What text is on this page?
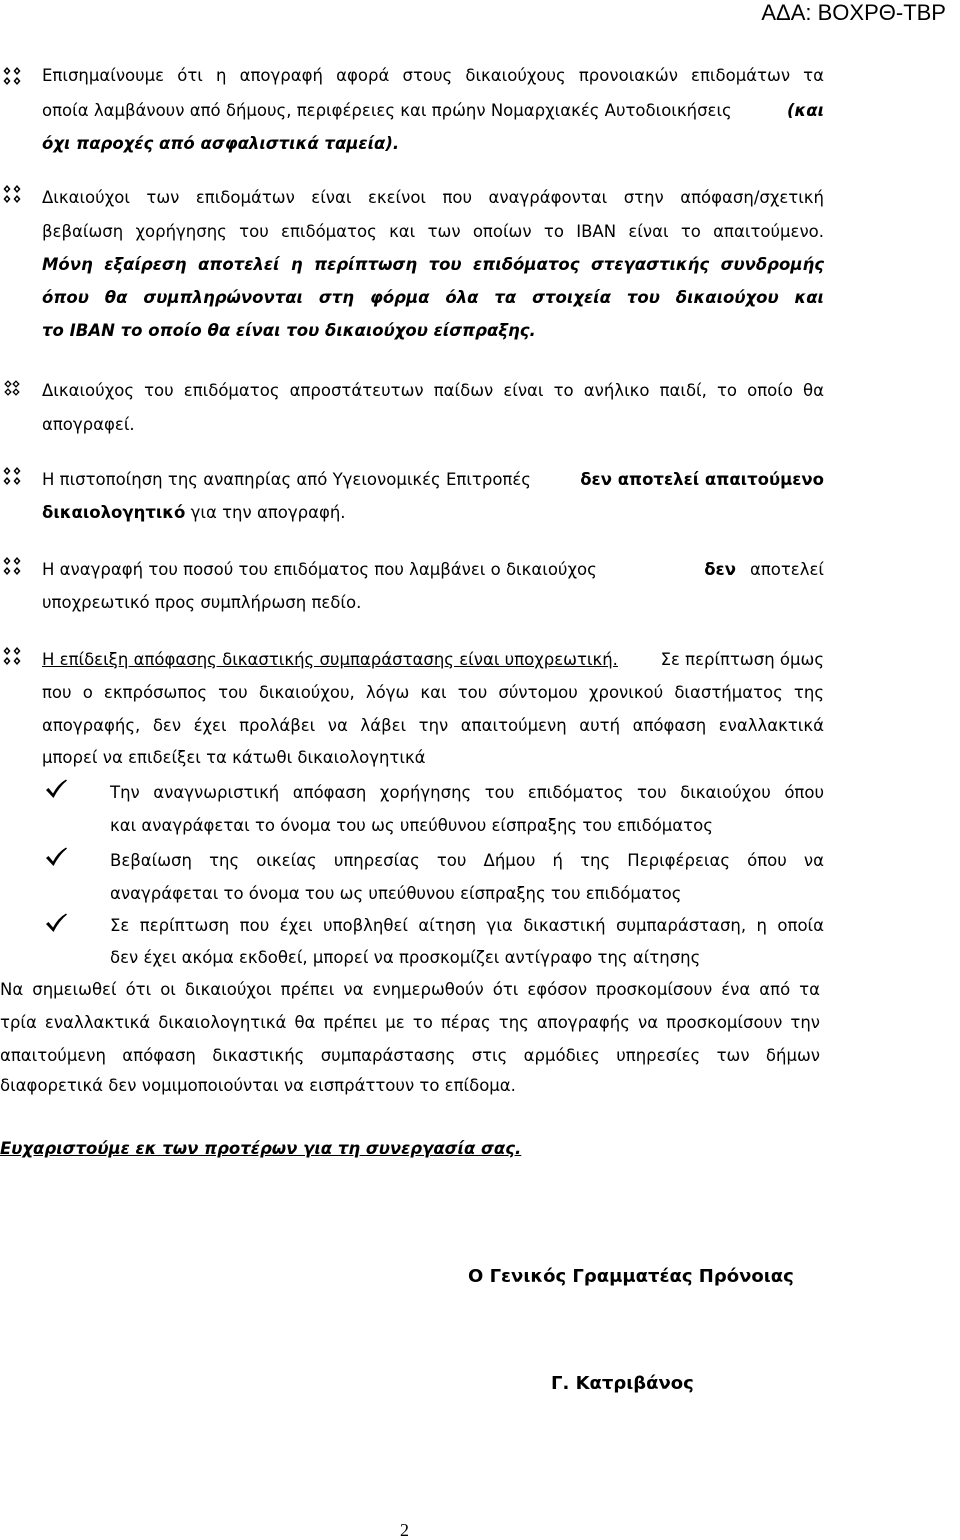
ΑΔΑ: ΒΟΧΡΘ-ΤΒΡ
Επισημαίνουμε ότι η απογραφή αφορά στους δικαιούχους προνοιακών επιδομάτων τα
οποία λαμβάνουν από δήμους, περιφέρειες και πρώην Νομαρχιακές Αυτοδιοικήσεις	(και
όχι παροχές από ασφαλιστικά ταμεία).
Δικαιούχοι των επιδομάτων είναι εκείνοι που αναγράφονται στην απόφαση/σχετική
βεβαίωση χορήγησης του επιδόματος και των οποίων το IBAN είναι το απαιτούμενο.
Μόνη εξαίρεση αποτελεί η περίπτωση του επιδόματος στεγαστικής συνδρομής
όπου θα συμπληρώνονται στη φόρμα όλα τα στοιχεία του δικαιούχου και
το IBAN το οποίο θα είναι του δικαιούχου είσπραξης.
Δικαιούχος του επιδόματος απροστάτευτων παίδων είναι το ανήλικο παιδί, το οποίο θα
απογραφεί.
Η πιστοποίηση της αναπηρίας από Υγειονομικές Επιτροπές	δεν αποτελεί απαιτούμενο
δικαιολογητικό για την απογραφή.
Η αναγραφή του ποσού του επιδόματος που λαμβάνει ο δικαιούχος	δεν αποτελεί
υποχρεωτικό προς συμπλήρωση πεδίο.
Η επίδειξη απόφασης δικαστικής συμπαράστασης είναι υποχρεωτική.	Σε περίπτωση όμως
που ο εκπρόσωπος του δικαιούχου, λόγω και του σύντομου χρονικού διαστήματος της
απογραφής, δεν έχει προλάβει να λάβει την απαιτούμενη αυτή απόφαση εναλλακτικά
μπορεί να επιδείξει τα κάτωθι δικαιολογητικά
Την αναγνωριστική απόφαση χορήγησης του επιδόματος του δικαιούχου όπου
και αναγράφεται το όνομα του ως υπεύθυνου είσπραξης του επιδόματος
Βεβαίωση της οικείας υπηρεσίας του Δήμου ή της Περιφέρειας όπου να
αναγράφεται το όνομα του ως υπεύθυνου είσπραξης του επιδόματος
Σε περίπτωση που έχει υποβληθεί αίτηση για δικαστική συμπαράσταση, η οποία
δεν έχει ακόμα εκδοθεί, μπορεί να προσκομίζει αντίγραφο της αίτησης
Να σημειωθεί ότι οι δικαιούχοι πρέπει να ενημερωθούν ότι εφόσον προσκομίσουν ένα από τα
τρία εναλλακτικά δικαιολογητικά θα πρέπει με το πέρας της απογραφής να προσκομίσουν την
απαιτούμενη απόφαση δικαστικής συμπαράστασης στις αρμόδιες υπηρεσίες των δήμων
διαφορετικά δεν νομιμοποιούνται να εισπράττουν το επίδομα.
Ευχαριστούμε εκ των προτέρων για τη συνεργασία σας.
Ο Γενικός Γραμματέας Πρόνοιας
Γ. Κατριβάνος
2
